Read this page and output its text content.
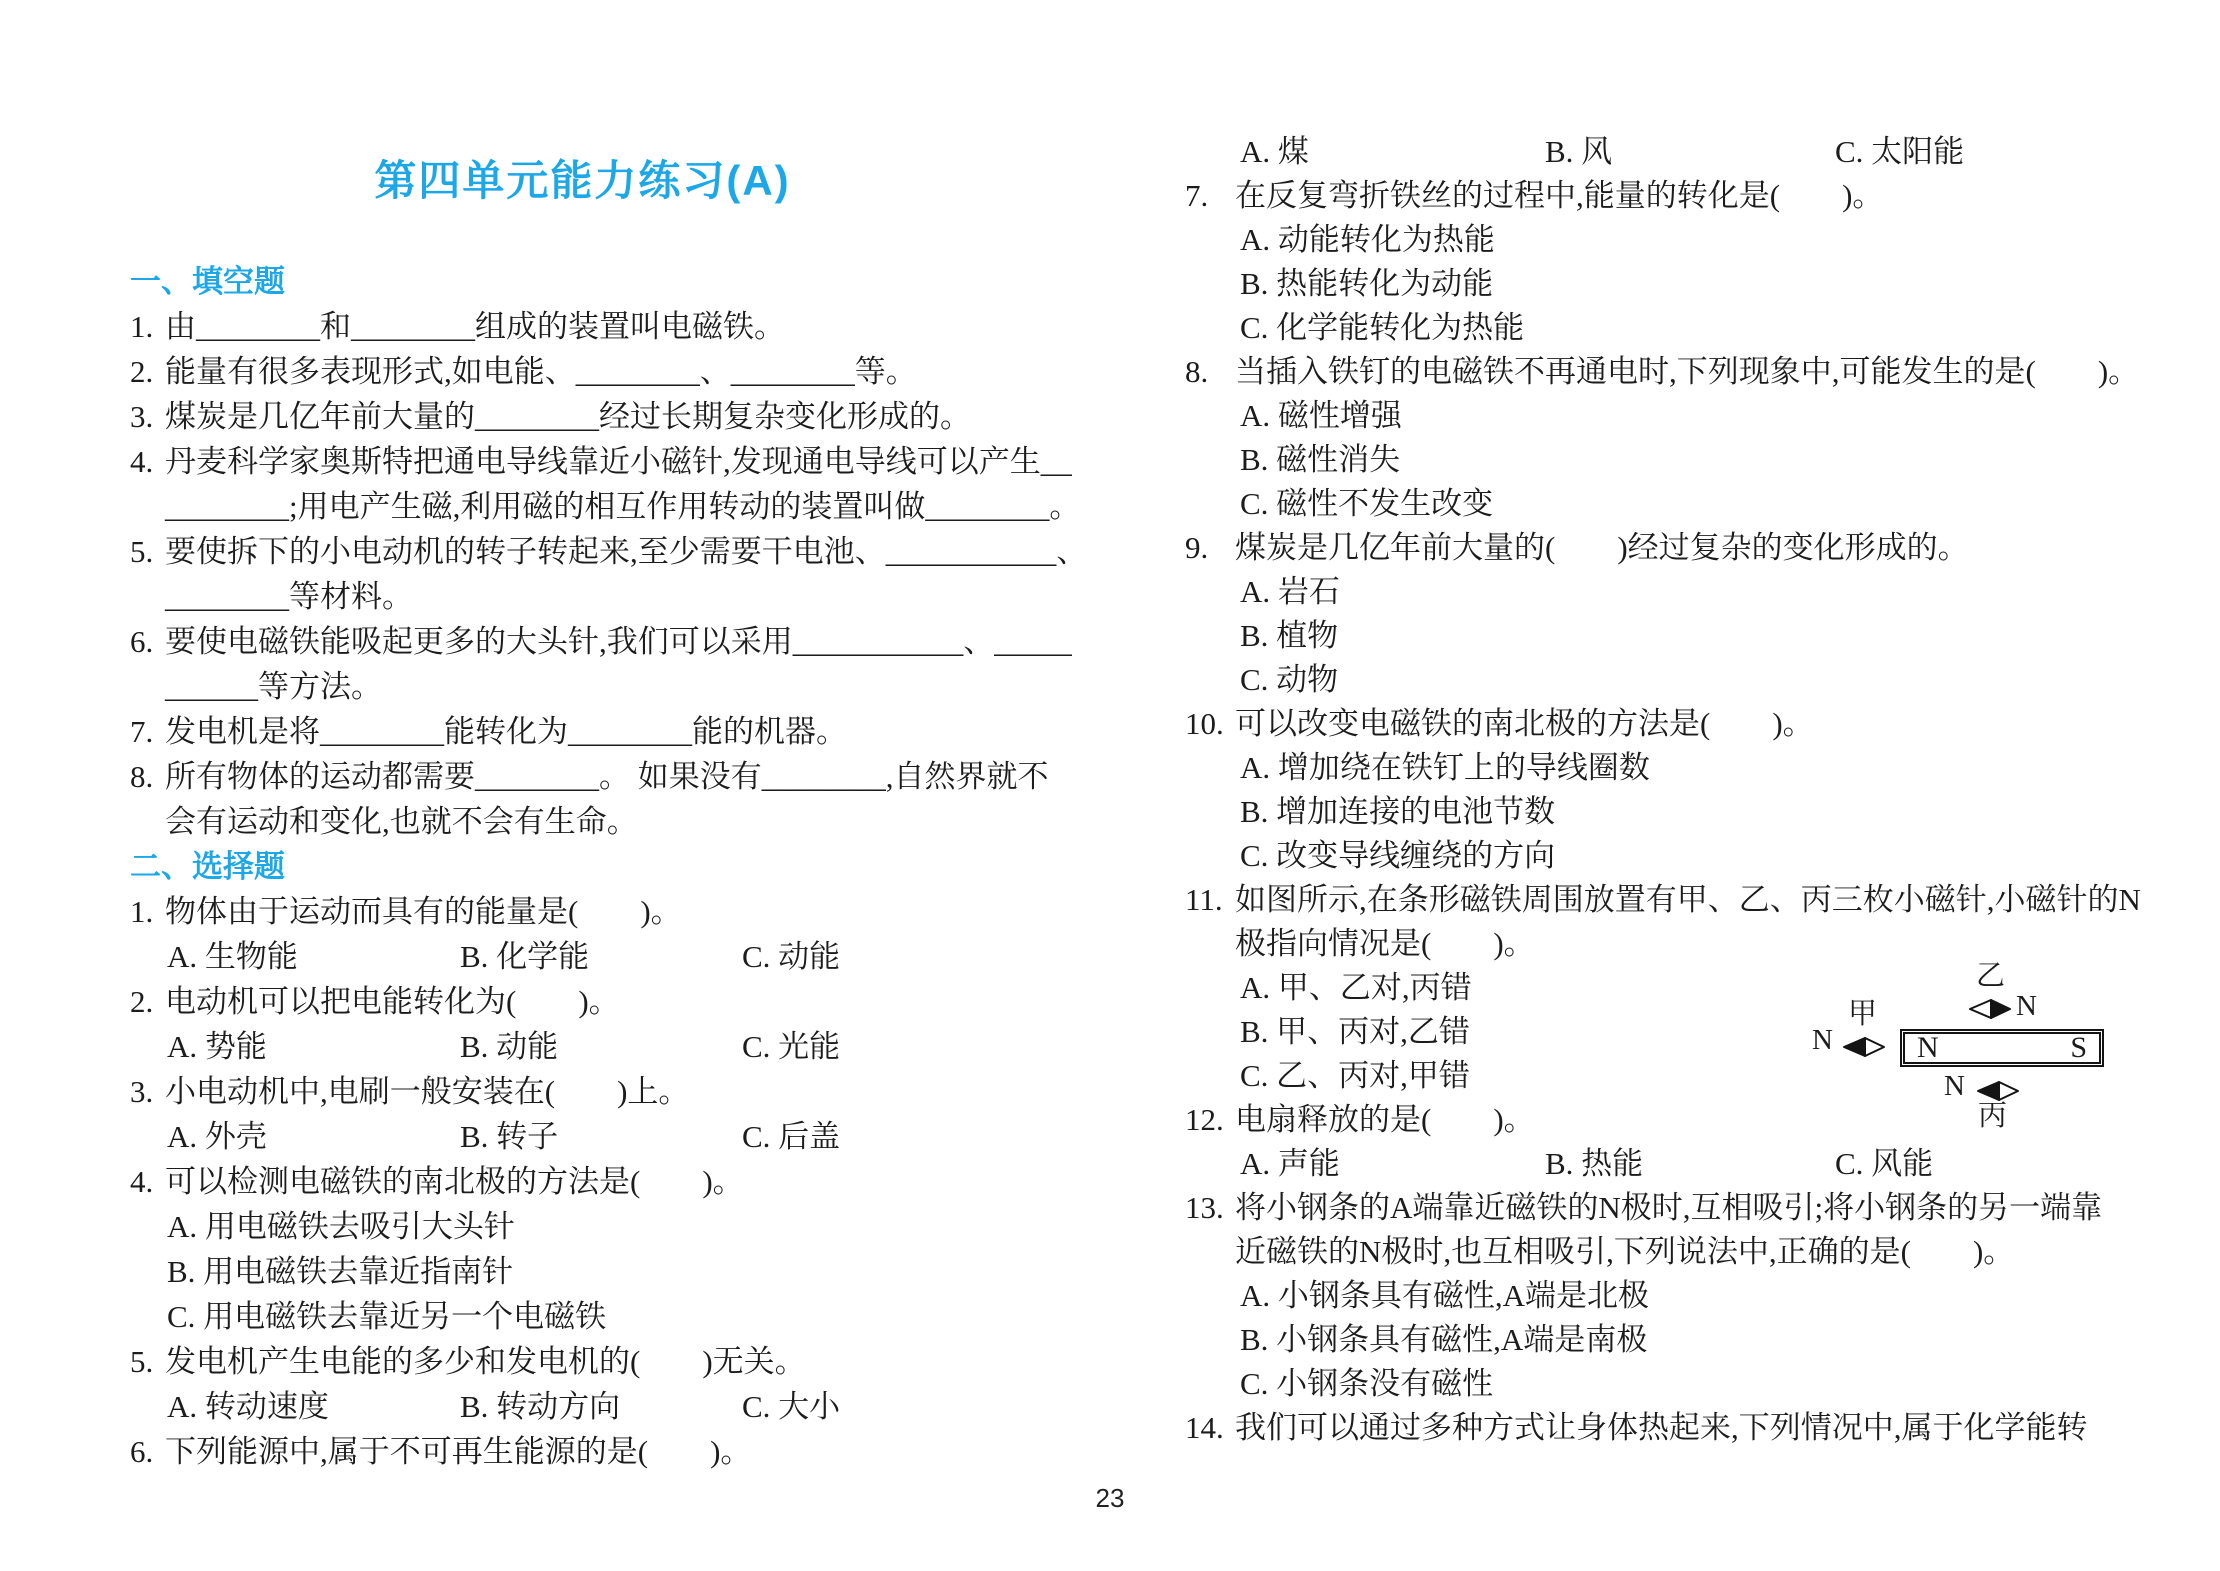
第四单元能力练习(A)
一、填空题
1. 由________和________组成的装置叫电磁铁。
2. 能量有很多表现形式,如电能、________、________等。
3. 煤炭是几亿年前大量的________经过长期复杂变化形成的。
4. 丹麦科学家奥斯特把通电导线靠近小磁针,发现通电导线可以产生__
________;用电产生磁,利用磁的相互作用转动的装置叫做________。
5. 要使拆下的小电动机的转子转起来,至少需要干电池、___________、
________等材料。
6. 要使电磁铁能吸起更多的大头针,我们可以采用___________、_____
______等方法。
7. 发电机是将________能转化为________能的机器。
8. 所有物体的运动都需要________。 如果没有________,自然界就不
会有运动和变化,也就不会有生命。
二、选择题
1. 物体由于运动而具有的能量是(　　)。
A. 生物能	B. 化学能	C. 动能
2. 电动机可以把电能转化为(　　)。
A. 势能	B. 动能	C. 光能
3. 小电动机中,电刷一般安装在(　　)上。
A. 外壳	B. 转子	C. 后盖
4. 可以检测电磁铁的南北极的方法是(　　)。
A. 用电磁铁去吸引大头针
B. 用电磁铁去靠近指南针
C. 用电磁铁去靠近另一个电磁铁
5. 发电机产生电能的多少和发电机的(　　)无关。
A. 转动速度	B. 转动方向	C. 大小
6. 下列能源中,属于不可再生能源的是(　　)。
A. 煤	B. 风	C. 太阳能
7. 在反复弯折铁丝的过程中,能量的转化是(　　)。
A. 动能转化为热能
B. 热能转化为动能
C. 化学能转化为热能
8. 当插入铁钉的电磁铁不再通电时,下列现象中,可能发生的是(　　)。
A. 磁性增强
B. 磁性消失
C. 磁性不发生改变
9. 煤炭是几亿年前大量的(　　)经过复杂的变化形成的。
A. 岩石
B. 植物
C. 动物
10. 可以改变电磁铁的南北极的方法是(　　)。
A. 增加绕在铁钉上的导线圈数
B. 增加连接的电池节数
C. 改变导线缠绕的方向
11. 如图所示,在条形磁铁周围放置有甲、乙、丙三枚小磁针,小磁针的N
极指向情况是(　　)。
A. 甲、乙对,丙错
B. 甲、丙对,乙错
C. 乙、丙对,甲错
12. 电扇释放的是(　　)。
A. 声能	B. 热能	C. 风能
13. 将小钢条的A端靠近磁铁的N极时,互相吸引;将小钢条的另一端靠
近磁铁的N极时,也互相吸引,下列说法中,正确的是(　　)。
A. 小钢条具有磁性,A端是北极
B. 小钢条具有磁性,A端是南极
C. 小钢条没有磁性
14. 我们可以通过多种方式让身体热起来,下列情况中,属于化学能转
乙
N
甲
N	N	S
N
丙
23
